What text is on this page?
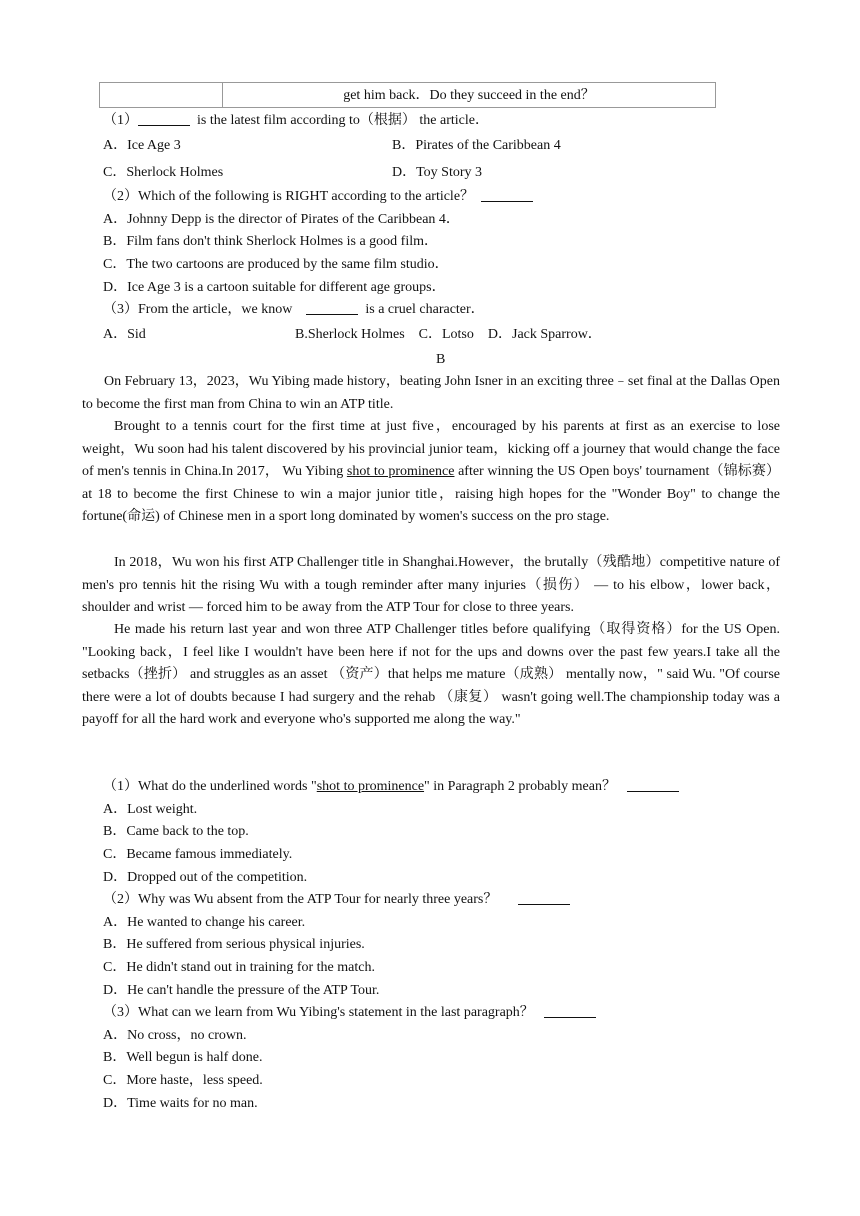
get him back．Do they succeed in the end？
（1）	is the latest film according to（根据） the article．
A．Ice Age 3	B．Pirates of the Caribbean 4
C．Sherlock Holmes	D．Toy Story 3
（2）Which of the following is RIGHT according to the article？
A．Johnny Depp is the director of Pirates of the Caribbean 4．
B．Film fans don't think Sherlock Holmes is a good film．
C．The two cartoons are produced by the same film studio．
D．Ice Age 3 is a cartoon suitable for different age groups．
（3）From the article，we know	is a cruel character．
A．Sid	B.Sherlock Holmes　C．Lotso　D．Jack Sparrow．
B
On February 13，2023，Wu Yibing made history，beating John Isner in an exciting three﹣set final at the Dallas Open to become the first man from China to win an ATP title.
Brought to a tennis court for the first time at just five，encouraged by his parents at first as an exercise to lose weight，Wu soon had his talent discovered by his provincial junior team，kicking off a journey that would change the face of men's tennis in China.In 2017， Wu Yibing shot to prominence after winning the US Open boys' tournament（锦标赛） at 18 to become the first Chinese to win a major junior title，raising high hopes for the "Wonder Boy" to change the fortune(命运) of Chinese men in a sport long dominated by women's success on the pro stage.
In 2018，Wu won his first ATP Challenger title in Shanghai.However，the brutally（残酷地）competitive nature of men's pro tennis hit the rising Wu with a tough reminder after many injuries（损伤） — to his elbow，lower back，shoulder and wrist — forced him to be away from the ATP Tour for close to three years.
He made his return last year and won three ATP Challenger titles before qualifying（取得资格）for the US Open. "Looking back，I feel like I wouldn't have been here if not for the ups and downs over the past few years.I take all the setbacks（挫折） and struggles as an asset （资产）that helps me mature（成熟） mentally now，" said Wu. "Of course there were a lot of doubts because I had surgery and the rehab （康复） wasn't going well.The championship today was a payoff for all the hard work and everyone who's supported me along the way."
（1）What do the underlined words "shot to prominence" in Paragraph 2 probably mean？
A．Lost weight.
B．Came back to the top.
C．Became famous immediately.
D．Dropped out of the competition.
（2）Why was Wu absent from the ATP Tour for nearly three years？
A．He wanted to change his career.
B．He suffered from serious physical injuries.
C．He didn't stand out in training for the match.
D．He can't handle the pressure of the ATP Tour.
（3）What can we learn from Wu Yibing's statement in the last paragraph？
A．No cross，no crown.
B．Well begun is half done.
C．More haste，less speed.
D．Time waits for no man.
